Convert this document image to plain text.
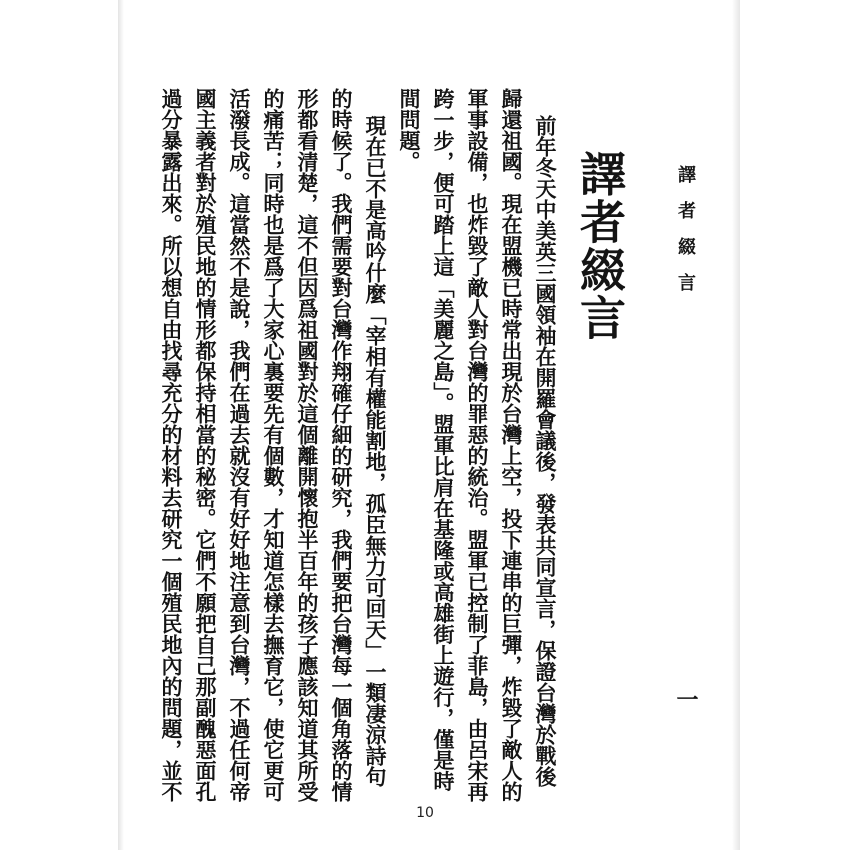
譯者綴言
一
譯者綴言
前年冬天中美英三國領袖在開羅會議後，發表共同宣言，保證台灣於戰後
歸還祖國。現在盟機已時常出現於台灣上空，投下連串的巨彈，炸毀了敵人的
軍事設備，也炸毀了敵人對台灣的罪惡的統治。盟軍已控制了菲島，由呂宋再
跨一步，便可踏上這「美麗之島」。盟軍比肩在基隆或高雄街上遊行，僅是時
間問題。
現在已不是高吟什麼「宰相有權能割地，孤臣無力可回天」一類凄涼詩句
的時候了。我們需要對台灣作翔確仔細的研究，我們要把台灣每一個角落的情
形都看清楚，這不但因爲祖國對於這個離開懷抱半百年的孩子應該知道其所受
的痛苦；同時也是爲了大家心裏要先有個數，才知道怎樣去撫育它，使它更可
活潑長成。這當然不是說，我們在過去就沒有好好地注意到台灣，不過任何帝
國主義者對於殖民地的情形都保持相當的秘密。它們不願把自己那副醜惡面孔
過分暴露出來。所以想自由找尋充分的材料去研究一個殖民地內的問題，並不
10
